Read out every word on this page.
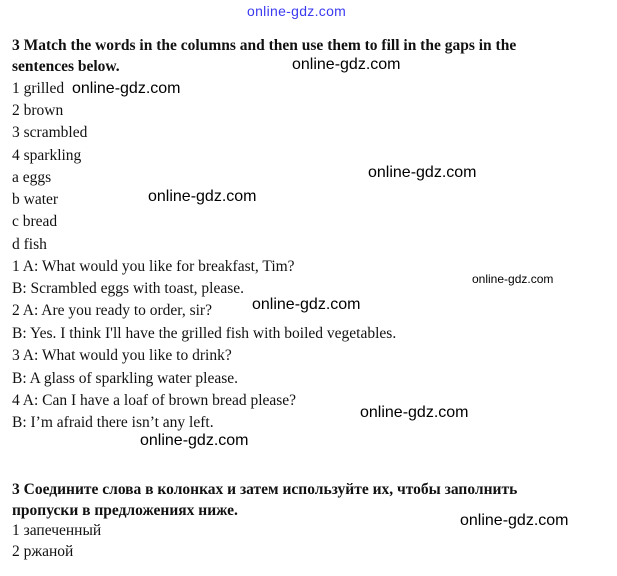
online-gdz.com
online-gdz.com
online-gdz.com
online-gdz.com
online-gdz.com
online-gdz.com
online-gdz.com
online-gdz.com
online-gdz.com
online-gdz.com
3 Match the words in the columns and then use them to fill in the gaps in the
sentences below.
1 grilled
2 brown
3 scrambled
4 sparkling
a eggs
b water
c bread
d fish
1 A: What would you like for breakfast, Tim?
B: Scrambled eggs with toast, please.
2 A: Are you ready to order, sir?
B: Yes. I think I'll have the grilled fish with boiled vegetables.
3 A: What would you like to drink?
B: A glass of sparkling water please.
4 A: Can I have a loaf of brown bread please?
B: I’m afraid there isn’t any left.
3 Соедините слова в колонках и затем используйте их, чтобы заполнить
пропуски в предложениях ниже.
1 запеченный
2 ржаной
